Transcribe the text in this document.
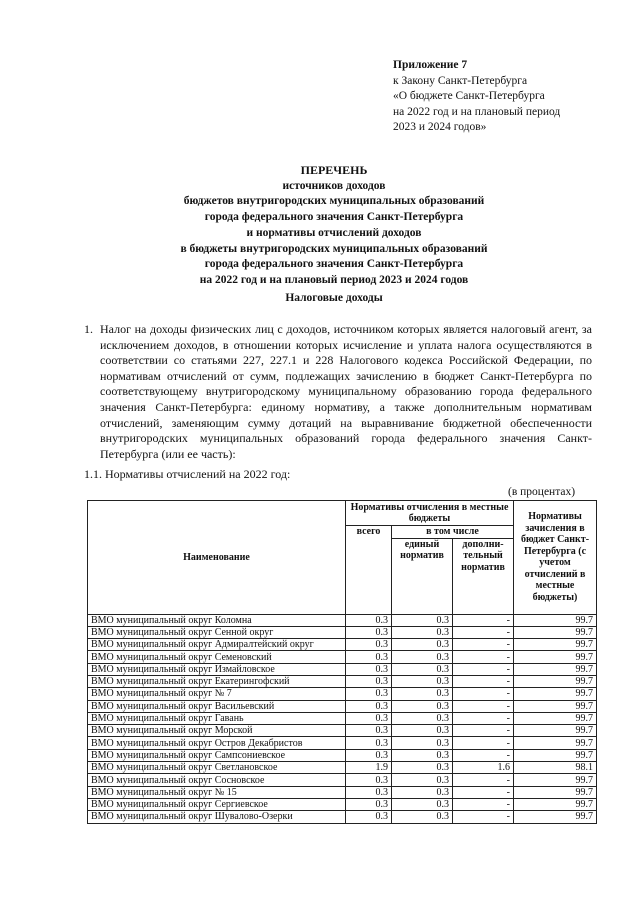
Приложение 7
к Закону Санкт-Петербурга
«О бюджете Санкт-Петербурга
на 2022 год и на плановый период
2023 и 2024 годов»
ПЕРЕЧЕНЬ
источников доходов
бюджетов внутригородских муниципальных образований
города федерального значения Санкт-Петербурга
и нормативы отчислений доходов
в бюджеты внутригородских муниципальных образований
города федерального значения Санкт-Петербурга
на 2022 год и на плановый период 2023 и 2024 годов
Налоговые доходы
1. Налог на доходы физических лиц с доходов, источником которых является налоговый агент, за исключением доходов, в отношении которых исчисление и уплата налога осуществляются в соответствии со статьями 227, 227.1 и 228 Налогового кодекса Российской Федерации, по нормативам отчислений от сумм, подлежащих зачислению в бюджет Санкт-Петербурга по соответствующему внутригородскому муниципальному образованию города федерального значения Санкт-Петербурга: единому нормативу, а также дополнительным нормативам отчислений, заменяющим сумму дотаций на выравнивание бюджетной обеспеченности внутригородских муниципальных образований города федерального значения Санкт-Петербурга (или ее часть):
1.1. Нормативы отчислений на 2022 год:
(в процентах)
Наименование	Нормативы отчисления в местные бюджеты			Нормативы зачисления в бюджет Санкт-Петербурга (с учетом отчислений в местные бюджеты)
	всего	в том числе		
		единый норматив	дополни-тельный норматив	
ВМО муниципальный округ Коломна	0.3	0.3	-	99.7
ВМО муниципальный округ Сенной округ	0.3	0.3	-	99.7
ВМО муниципальный округ Адмиралтейский округ	0.3	0.3	-	99.7
ВМО муниципальный округ Семеновский	0.3	0.3	-	99.7
ВМО муниципальный округ Измайловское	0.3	0.3	-	99.7
ВМО муниципальный округ Екатерингофский	0.3	0.3	-	99.7
ВМО муниципальный округ № 7	0.3	0.3	-	99.7
ВМО муниципальный округ Васильевский	0.3	0.3	-	99.7
ВМО муниципальный округ Гавань	0.3	0.3	-	99.7
ВМО муниципальный округ Морской	0.3	0.3	-	99.7
ВМО муниципальный округ Остров Декабристов	0.3	0.3	-	99.7
ВМО муниципальный округ Сампсониевское	0.3	0.3	-	99.7
ВМО муниципальный округ Светлановское	1.9	0.3	1.6	98.1
ВМО муниципальный округ Сосновское	0.3	0.3	-	99.7
ВМО муниципальный округ № 15	0.3	0.3	-	99.7
ВМО муниципальный округ Сергиевское	0.3	0.3	-	99.7
ВМО муниципальный округ Шувалово-Озерки	0.3	0.3	-	99.7
